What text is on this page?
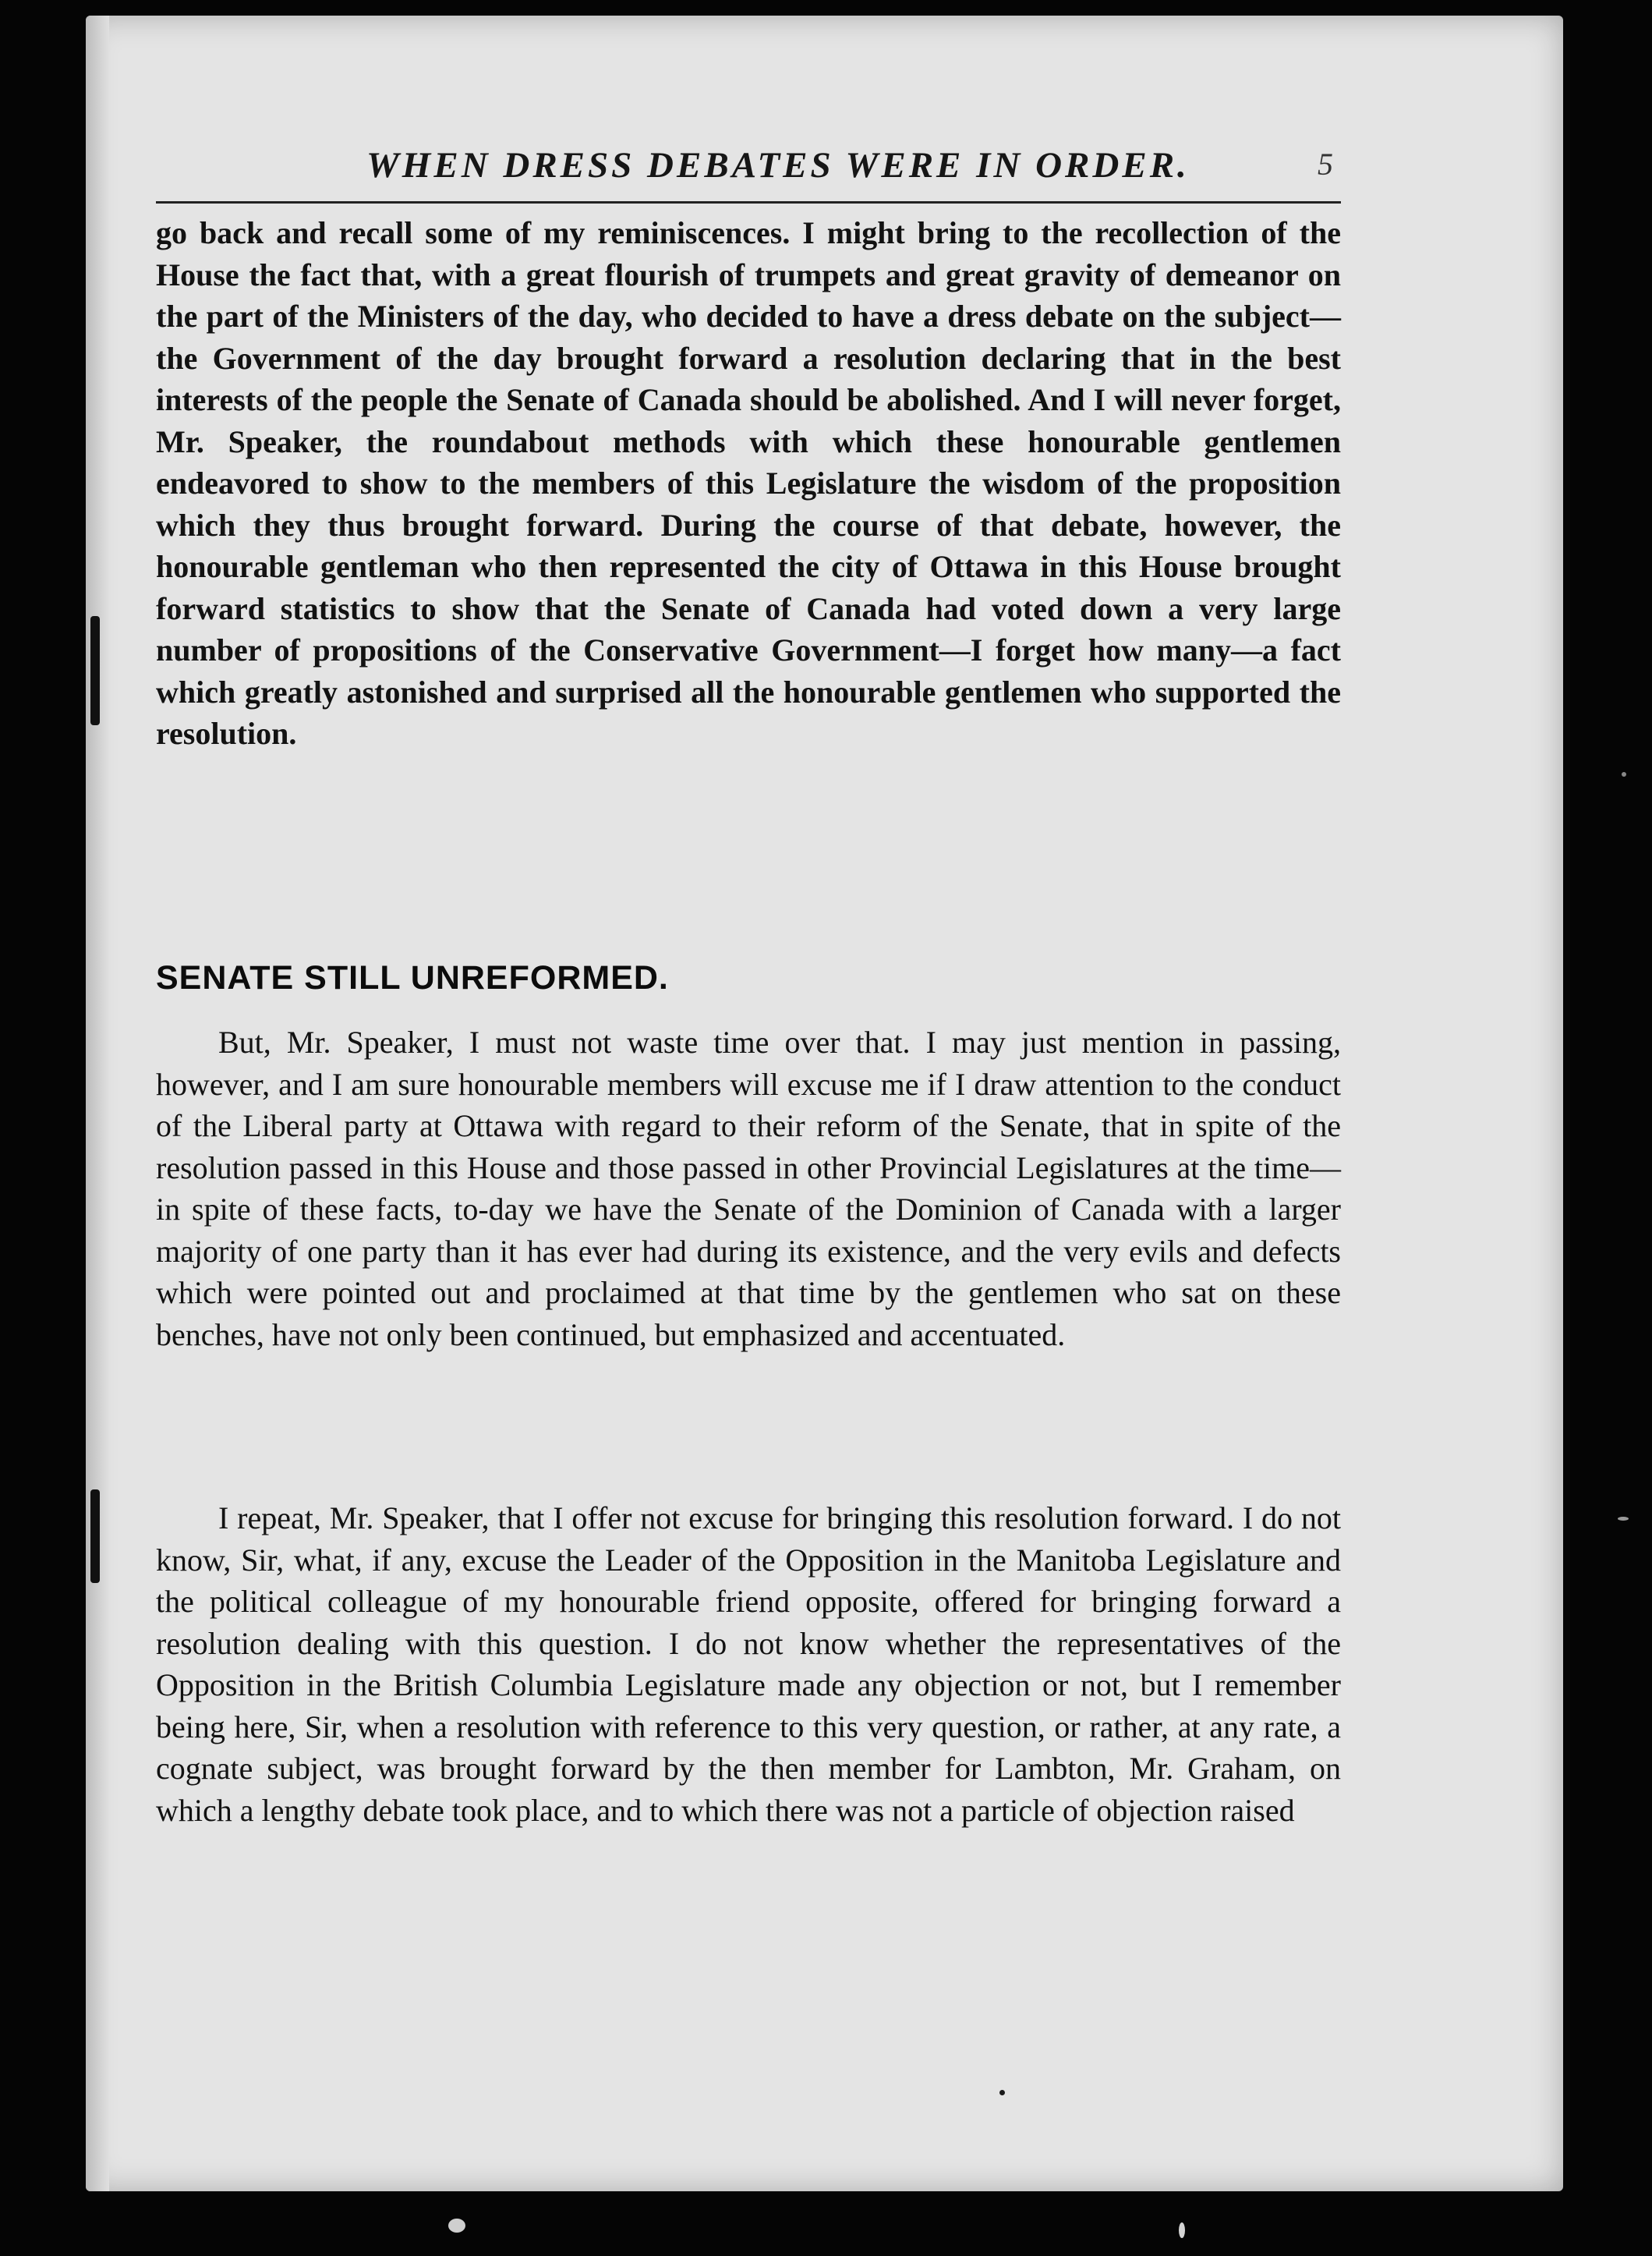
WHEN DRESS DEBATES WERE IN ORDER.	5

go back and recall some of my reminiscences. I might bring to the recollection of the House the fact that, with a great flourish of trumpets and great gravity of demeanor on the part of the Ministers of the day, who decided to have a dress debate on the subject—the Government of the day brought forward a resolution declaring that in the best interests of the people the Senate of Canada should be abolished. And I will never forget, Mr. Speaker, the roundabout methods with which these honourable gentlemen endeavored to show to the members of this Legislature the wisdom of the proposition which they thus brought forward. During the course of that debate, however, the honourable gentleman who then represented the city of Ottawa in this House brought forward statistics to show that the Senate of Canada had voted down a very large number of propositions of the Conservative Government—I forget how many—a fact which greatly astonished and surprised all the honourable gentlemen who supported the resolution.

SENATE STILL UNREFORMED.

But, Mr. Speaker, I must not waste time over that. I may just mention in passing, however, and I am sure honourable members will excuse me if I draw attention to the conduct of the Liberal party at Ottawa with regard to their reform of the Senate, that in spite of the resolution passed in this House and those passed in other Provincial Legislatures at the time—in spite of these facts, to-day we have the Senate of the Dominion of Canada with a larger majority of one party than it has ever had during its existence, and the very evils and defects which were pointed out and proclaimed at that time by the gentlemen who sat on these benches, have not only been continued, but emphasized and accentuated.

I repeat, Mr. Speaker, that I offer not excuse for bringing this resolution forward. I do not know, Sir, what, if any, excuse the Leader of the Opposition in the Manitoba Legislature and the political colleague of my honourable friend opposite, offered for bringing forward a resolution dealing with this question. I do not know whether the representatives of the Opposition in the British Columbia Legislature made any objection or not, but I remember being here, Sir, when a resolution with reference to this very question, or rather, at any rate, a cognate subject, was brought forward by the then member for Lambton, Mr. Graham, on which a lengthy debate took place, and to which there was not a particle of objection raised
